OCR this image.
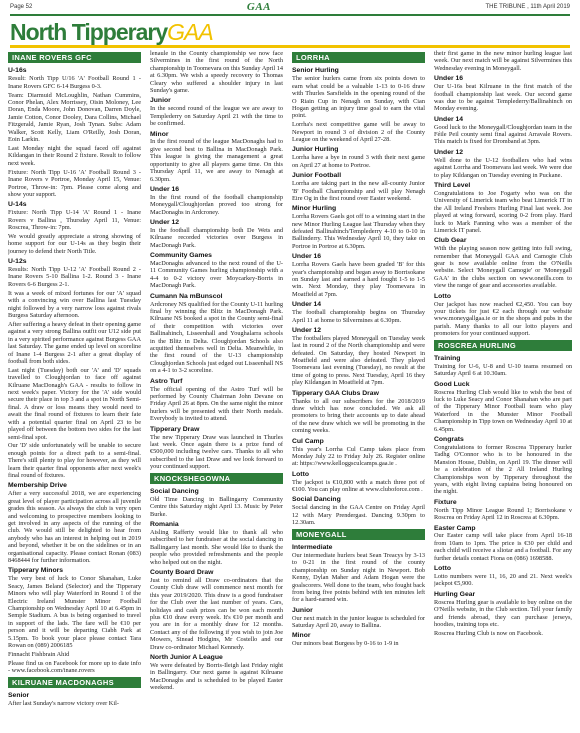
Page 52	GAA	THE TRIBUNE , 11th April 2019
North TipperaryGAA
INANE ROVERS GFC
U-16s
Result: North Tipp U/16 'A' Football Round 1 - Inane Rovers GFC 6-14 Burgess 0-3.
Team: Diarmuid McLoughlin, Nathan Cummins, Conor Phelan, Alex Morrissey, Oisin Moloney, Lee Doran, Enda Moore, John Donovan, Darren Doyle, Jamie Cotton, Conor Dooley, Dara Collins, Michael Fitzgerald, Jamie Ryan, Josh Tynan. Subs: Adam Walker, Scott Kelly, Liam O'Reilly, Josh Doran, Eoin Larkin.
Last Monday night the squad faced off against Kildangan in their Round 2 fixture. Result to follow next week.
Fixture: North Tipp U-16 'A' Football Round 3 - Inane Rovers v Portroe, Monday April 15, Venue: Portroe, Throw-in: 7pm. Please come along and show your support.
U-14s
Fixture: North Tipp U-14 'A' Round 1 - Inane Rovers v Ballina , Thursday April 11, Venue: Roscrea, Throw-in: 7pm.
We would greatly appreciate a strong showing of home support for our U-14s as they begin their journey to defend their North Title.
U-12s
Results: North Tipp U-12 'A' Football Round 2 - Inane Rovers 5-10 Ballina 1-2. Round 3 - Inane Rovers 6-6 Burgess 2-1.
It was a week of mixed fortunes for our 'A' squad with a convincing win over Ballina last Tuesday night followed by a very narrow loss against rivals Burgess Saturday afternoon.
After suffering a heavy defeat in their opening game against a very strong Ballina outfit our U12 side put in a very spirited performance against Burgess GAA last Saturday. The game ended up level on scoreline of Inane 1-4 Burgess 2-1 after a great display of football from both sides.
Last night (Tuesday) both our 'A' and 'D' squads travelled to Cloughjordan to face off against Kilruane MacDonagh's GAA - results to follow in next week's paper. Victory for the 'A' side would secure their place in top 3 and a spot in North Semi-final. A draw or loss means they would need to await the final round of fixtures to learn their fate with a potential quarter final on April 23 to be played off between the bottom two sides for the last semi-final spot.
Our 'D' side unfortunately will be unable to secure enough points for a direct path to a semi-final. There's still plenty to play for however, as they will learn their quarter final opponents after next week's final round of fixtures.
Membership Drive
After a very successful 2018, we are experiencing great level of player participation across all juvenile grades this season. As always the club is very open and welcoming to prospective members looking to get involved in any aspects of the running of the club. We would still be delighted to hear from anybody who has an interest in helping out in 2019 and beyond, whether it be on the sidelines or in an organisational capacity. Please contact Ronan (083) 8468444 for further information.
Tipperary Minors
The very best of luck to Conor Shanahan, Luke Seacy, James Beland (Selector) and the Tipperary Minors who will play Waterford in Round 1 of the Electric Ireland Munster Minor Football Championship on Wednesday April 10 at 6.45pm in Semple Stadium. A bus is being organised to travel in support of the lads. The fare will be €10 per person and it will be departing Ciabh Park at 5.15pm. To book your place please contact Tara Rowan on (089) 2006185
Finnacht Fishbrain Ahid
Please find us on Facebook for more up to date info - www.facebook.com/inane.rovers
KILRUANE MACDONAGHS
Senior
After last Sunday's narrow victory over Kil-
lenaule in the County championship we now face Silvermines in the first round of the North championship in Toomevara on this Sunday April 14 at 6.30pm. We wish a speedy recovery to Thomas Cleary who suffered a shoulder injury in last Sunday's game.
Junior
In the second round of the league we are away to Templederry on Saturday April 21 with the time to be confirmed.
Minor
In the first round of the league MacDonaghs had to give second best to Ballina in MacDonagh Park. This league is giving the management a great opportunity to give all players game time. On this Thursday April 11, we are away to Nenagh at 6.30pm.
Under 16
In the first round of the football championship Moneygall/Cloughjordan proved too strong for MacDonaghs in Ardcroney.
Under 12
In the football championship both De Wets and Kilruane recorded victories over Burgess in MacDonagh Park.
Community Games
MacDonaghs advanced to the next round of the U-11 Community Games hurling championship with a 4-4 to 0-2 victory over Moycarkey-Borris in MacDonagh Park.
Cumann Na mBunscol
Ardcroney NS qualified for the County U-11 hurling final by winning the Blitz in MacDonagh Park. Kilruane NS booked a spot in the County semi-final of their competition with victories over Ballinahinch, Lisseenhall and Youghalarra schools in the Blitz in Delta. Cloughjordan Schools also acquitted themselves well in Delta. Meanwhile, in the first round of the U-13 championship Cloughjordan Schools just edged out Lisseenhall NS on a 4-1 to 3-2 scoreline.
Astro Turf
The official opening of the Astro Turf will be performed by County Chairman John Devane on Friday April 26 at 8pm. On the same night the minor hurlers will be presented with their North medals. Everybody is invited to attend.
Tipperary Draw
The new Tipperary Draw was launched in Thurles last week. Once again there is a prize fund of €500,000 including twelve cars. Thanks to all who subscribed to the last Draw and we look forward to your continued support.
KNOCKSHEGOWNA
Social Dancing
Old Time Dancing in Ballingarry Community Centre this Saturday night April 13. Music by Peter Burke.
Romania
Aisling Rafferty would like to thank all who subscribed to her fundraiser at the social dancing in Ballingarry last month. She would like to thank the people who provided refreshments and the people who helped out on the night.
County Board Draw
Just to remind all Draw co-ordinators that the County Club draw will commence next month for this year 2019/2020. This draw is a good fundraiser for the Club over the last number of years. Cars, holidays and cash prizes can be won each month plus €10 draw every week. It's €10 per month and you are in for a monthly draw for 12 months. Contact any of the following if you wish to join Joe Mowers, Sinead Hodgins, Mr Costello and our Draw co-ordinator Michael Kennedy.
North Junior A League
We were defeated by Borris-Ileigh last Friday night in Ballingarry. Our next game is against Kilruane MacDonaghs and is scheduled to be played Easter weekend.
LORRHA
Senior Hurling
The senior hurlers came from six points down to earn what could be a valuable 1-13 to 0-16 draw with Thurles Sarsfields in the opening round of the O Riain Cup in Nenagh on Sunday, with Cian Hogan getting an injury time goal to earn the vital point.
Lorrha's next competitive game will be away to Newport in round 3 of division 2 of the County League on the weekend of April 27-28.
Junior Hurling
Lorrha have a bye in round 3 with their next game on April 27 at home to Portroe.
Junior Football
Lorrha are taking part in the new all-county Junior 'B' Football Championship and will play Nenagh Eire Og in the first round over Easter weekend.
Minor Hurling
Lorrha Rovers Gaels got off to a winning start in the new Minor Hurling League last Thursday when they defeated Ballinahinch/Templederry 4-10 to 0-10 in Ballinderry. This Wednesday April 10, they take on Portroe in Portroe at 6.30pm.
Under 16
Lorrha Rovers Gaels have been graded 'B' for this year's championship and began away to Borrisokane on Sunday last and earned a hard fought 1-5 to 1-5 win. Next Monday, they play Toomevara in Moatfield at 7pm.
Under 14
The football championship begins on Thursday April 11 at home to Silvermines at 6.30pm.
Under 12
The footballers played Moneygall on Tuesday week last in round 2 of the North championship and were defeated. On Saturday, they hosted Newport in Moatfield and were also defeated. They played Toomevara last evening (Tuesday), no result at the time of going to press. Next Tuesday, April 16 they play Kildangan in Moatfield at 7pm.
Tipperary GAA Clubs Draw
Thanks to all our subscribers for the 2018/2019 draw which has now concluded. We ask all promoters to bring their accounts up to date ahead of the new draw which we will be promoting in the coming weeks.
Cul Camp
This year's Lorrha Cul Camp takes place from Monday July 22 to Friday July 26. Register online at: https://www.kelloggsculcamps.gaa.ie .
Lotto
The jackpot is €10,800 with a match three pot of €100. You can play online at www.cluboforce.com .
Social Dancing
Social dancing in the GAA Centre on Friday April 12 with Mary Prendergast. Dancing 9.30pm to 12.30am.
MONEYGALL
Intermediate
Our intermediate hurlers beat Sean Treacys by 3-13 to 0-21 in the first round of the county championship on Sunday night in Newport. Bob Kenny, Dylan Maher and Adam Hogan were the goalscorers. Well done to the team, who fought back from being five points behind with ten minutes left for a hard-earned win.
Junior
Our next match in the junior league is scheduled for Saturday April 20, away to Ballina.
Minor
Our minors beat Burgess by 0-16 to 1-9 in
their first game in the new minor hurling league last week. Our next match will be against Silvermines this Wednesday evening in Moneygall.
Under 16
Our U-16s beat Kilruane in the first match of the football championship last week. Our second game was due to be against Templederry/Ballinahinch on Monday evening.
Under 14
Good luck to the Moneygall/Cloughjordan team in the Féile Peil county semi final against Arravale Rovers. This match is fixed for Dromband at 3pm.
Under 12
Well done to the U-12 footballers who had wins against Lorrha and Toomevara last week. We were due to play Kildangan on Tuesday evening in Puckane.
Third Level
Congratulations to Joe Fogarty who was on the University of Limerick team who beat Limerick IT in the All Ireland Freshers Hurling Final last week. Joe played at wing forward, scoring 0-2 from play. Hard luck to Mark Fanning who was a member of the Limerick IT panel.
Club Gear
With the playing season now getting into full swing, remember that Moneygall GAA and Camogie Club gear is now available online from the O'Neills website. Select 'Moneygall Camogie' or 'Moneygall GAA' in the clubs section on www.oneills.com to view the range of gear and accessories available.
Lotto
Our jackpot has now reached €2,450. You can buy your tickets for just €2 each through our website www.moneygallgaa.ie or in the shops and pubs in the parish. Many thanks to all our lotto players and promoters for your continued support.
ROSCREA HURLING
Training
Training for U-6, U-8 and U-10 teams resumed on Saturday April 6 at 10.30am.
Good Luck
Roscrea Hurling Club would like to wish the best of luck to Luke Seacy and Conor Shanahan who are part of the Tipperary Minor Football team who play Waterford in the Munster Minor Football Championship in Tipp town on Wednesday April 10 at 6.45pm.
Congrats
Congratulations to former Roscrea Tipperary hurler Tadhg O'Connor who is to be honoured in the Mansion House, Dublin, on April 19. The dinner will be a celebration of the 2 All Ireland Hurling Championships won by Tipperary throughout the years, with eight living captains being honoured on the night.
Fixture
North Tipp Minor League Round 1; Borrisokane v Roscrea on Friday April 12 in Roscrea at 6.30pm.
Easter Camp
Our Easter camp will take place from April 16-18 from 10am to 1pm. The price is €30 per child and each child will receive a sliotar and a football. For any further details contact Fiona on (086) 1698588.
Lotto
Lotto numbers were 11, 16, 20 and 21. Next week's jackpot €5,900.
Hurling Gear
Roscrea Hurling gear is available to buy online on the O'Neills website, in the Club section. Tell your family and friends abroad, they can purchase jerseys, hoodies, training tops etc.
Roscrea Hurling Club is now on Facebook.
